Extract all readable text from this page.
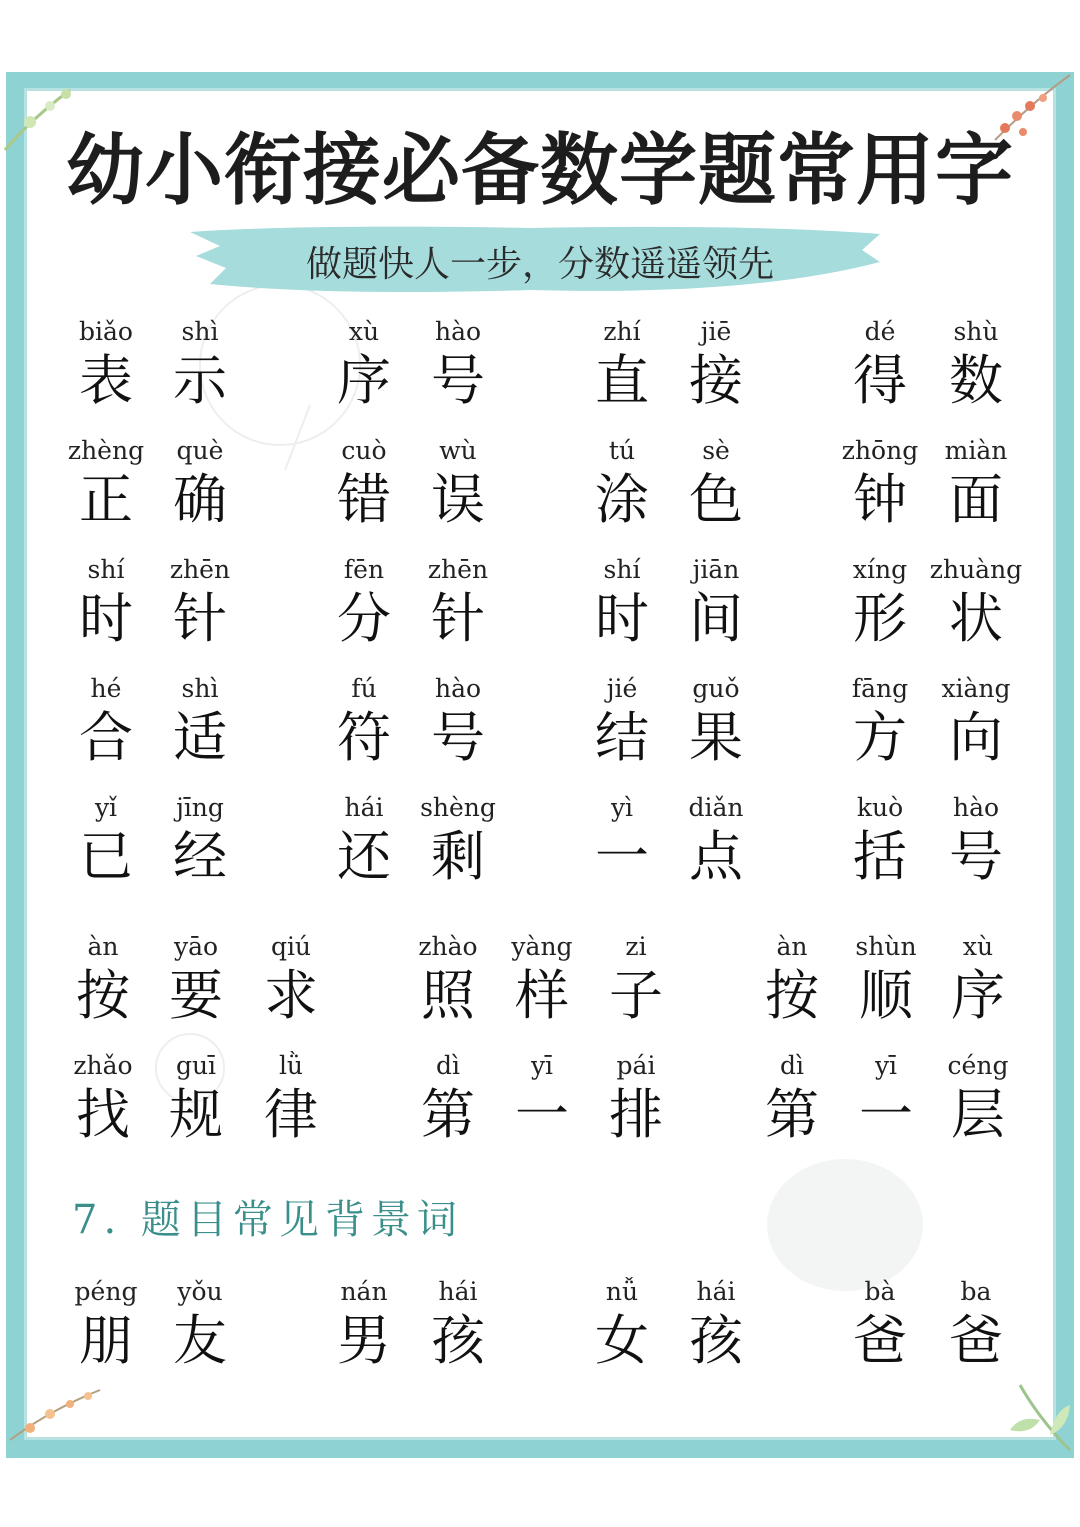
幼小衔接必备数学题常用字
做题快人一步，分数遥遥领先
biǎo
表
shì
示
xù
序
hào
号
zhí
直
jiē
接
dé
得
shù
数
zhèng
正
què
确
cuò
错
wù
误
tú
涂
sè
色
zhōng
钟
miàn
面
shí
时
zhēn
针
fēn
分
zhēn
针
shí
时
jiān
间
xíng
形
zhuàng
状
hé
合
shì
适
fú
符
hào
号
jié
结
guǒ
果
fāng
方
xiàng
向
yǐ
已
jīng
经
hái
还
shèng
剩
yì
一
diǎn
点
kuò
括
hào
号
àn
按
yāo
要
qiú
求
zhào
照
yàng
样
zi
子
àn
按
shùn
顺
xù
序
zhǎo
找
guī
规
lǜ
律
dì
第
yī
一
pái
排
dì
第
yī
一
céng
层
péng
朋
yǒu
友
nán
男
hái
孩
nǚ
女
hái
孩
bà
爸
ba
爸
7. 题目常见背景词
